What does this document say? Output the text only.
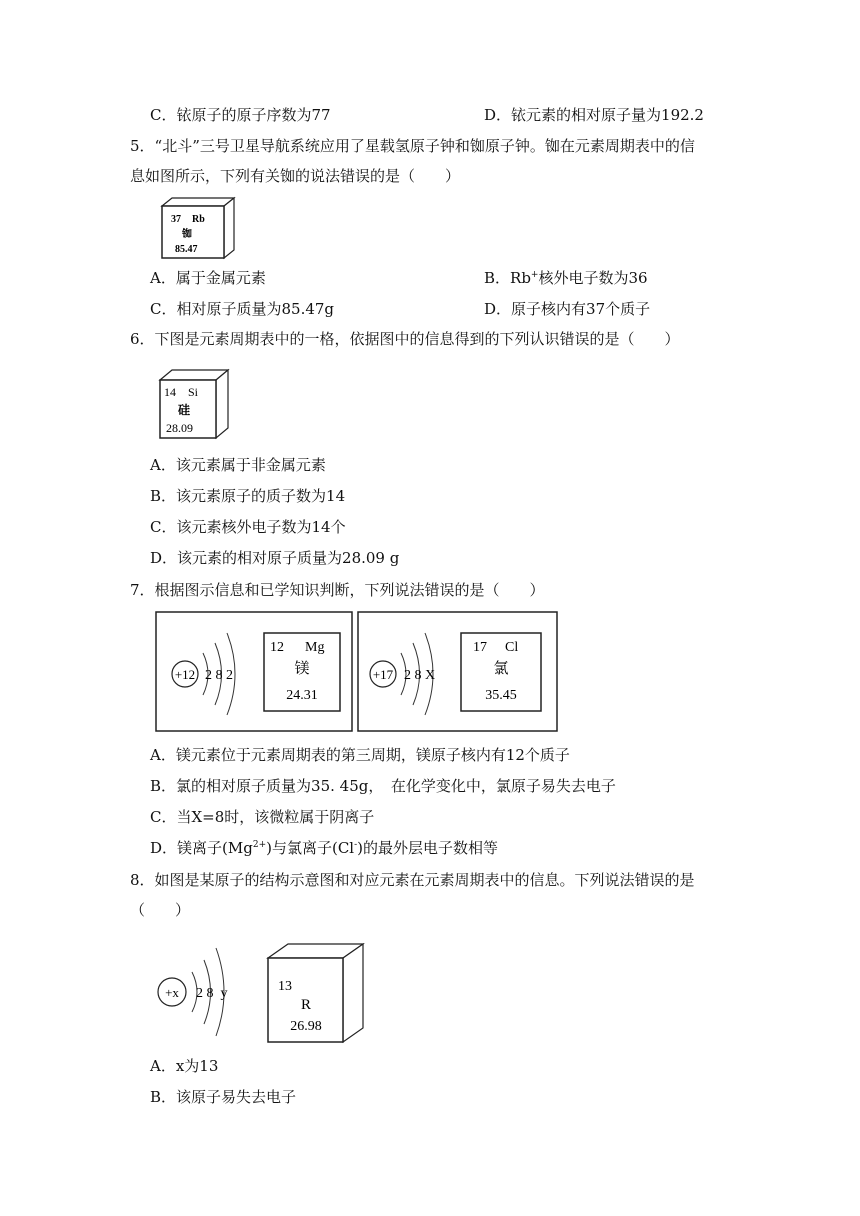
C．铱原子的原子序数为77	D．铱元素的相对原子量为192.2
5．“北斗”三号卫星导航系统应用了星载氢原子钟和铷原子钟。铷在元素周期表中的信
息如图所示，下列有关铷的说法错误的是（　　）
37 Rb
铷
85.47
A．属于金属元素	B．Rb+核外电子数为36
C．相对原子质量为85.47g	D．原子核内有37个质子
6．下图是元素周期表中的一格，依据图中的信息得到的下列认识错误的是（　　）
14 Si
硅
28.09
A．该元素属于非金属元素
B．该元素原子的质子数为14
C．该元素核外电子数为14个
D．该元素的相对原子质量为28.09 g
7．根据图示信息和已学知识判断，下列说法错误的是（　　）
+12 2 8 2
12 Mg
镁
24.31
+17 2 8 X
17 Cl
氯
35.45
A．镁元素位于元素周期表的第三周期，镁原子核内有12个质子
B．氯的相对原子质量为35. 45g，　在化学变化中，氯原子易失去电子
C．当X=8时，该微粒属于阴离子
D．镁离子$(Mg^{2+})$与氯离子(Cl-)的最外层电子数相等
8．如图是某原子的结构示意图和对应元素在元素周期表中的信息。下列说法错误的是
（　　）
+x 2 8  y	13
R
26.98
A．x为13
B．该原子易失去电子
